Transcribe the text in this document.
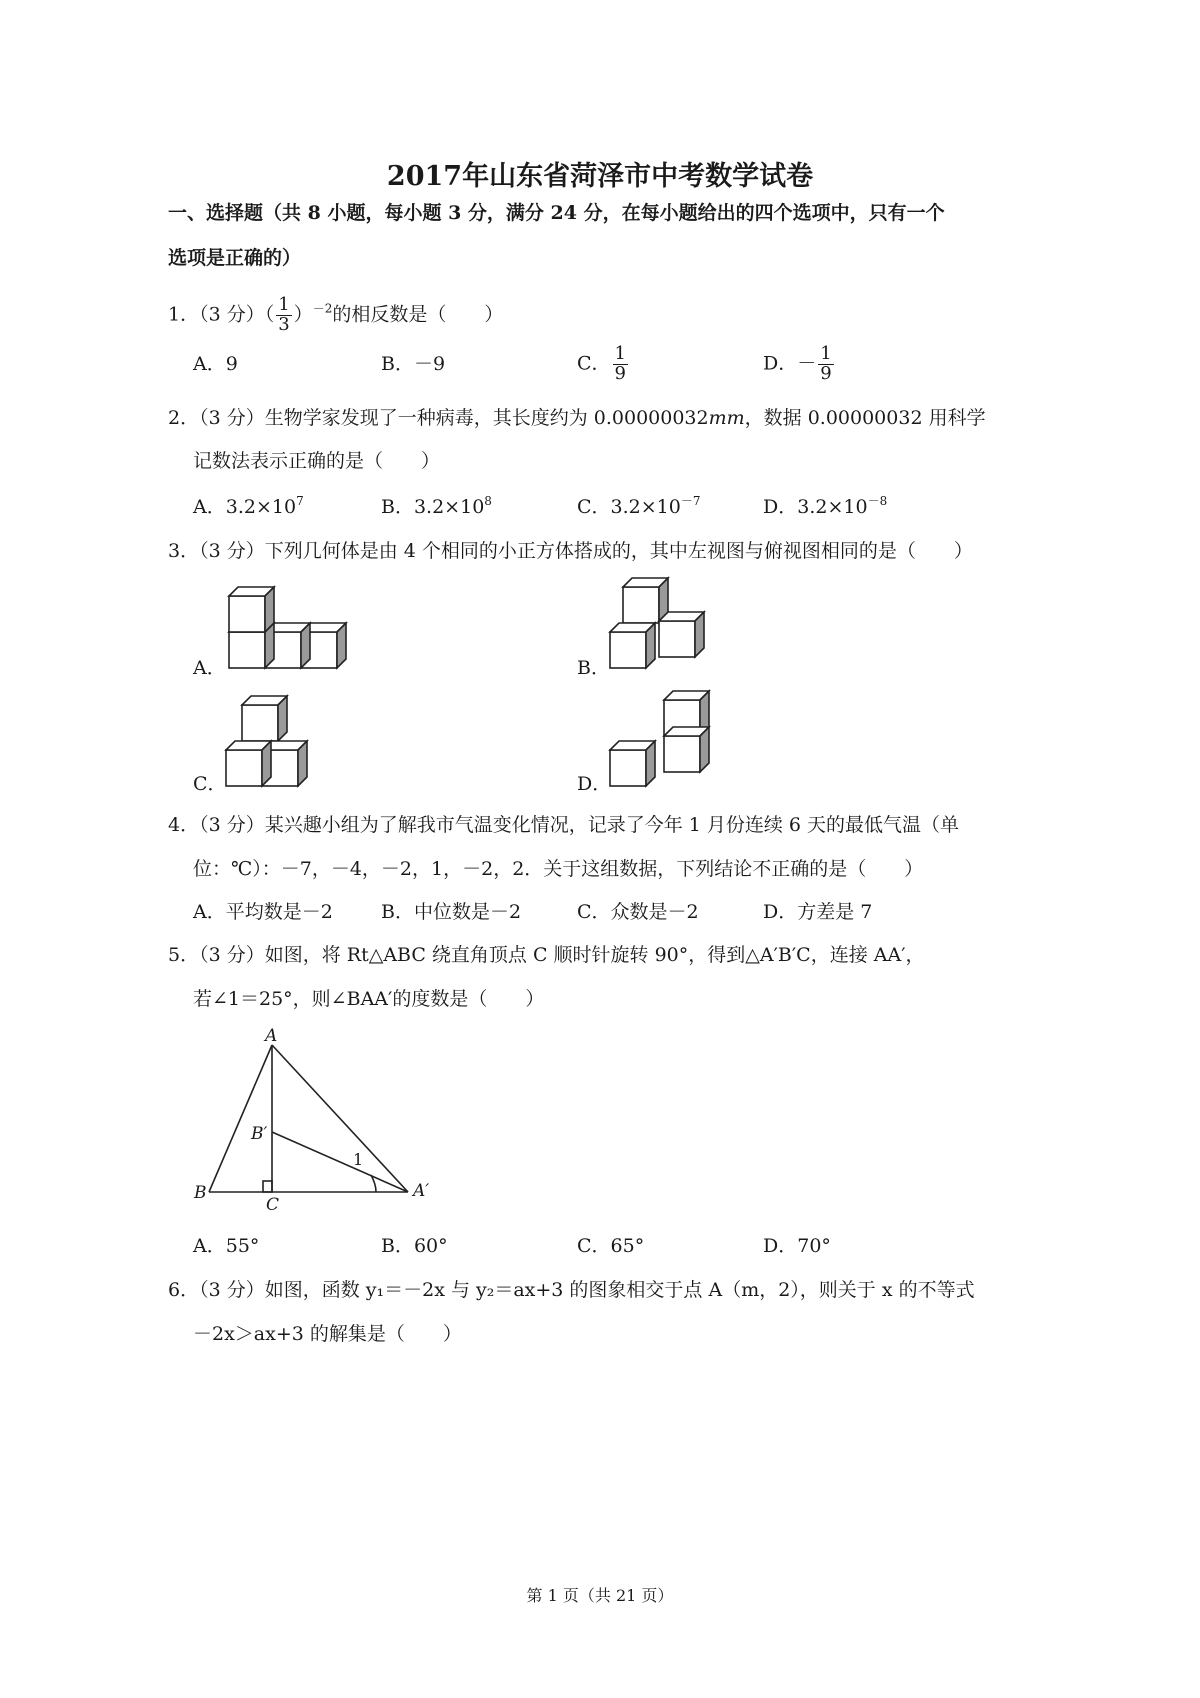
2017年山东省菏泽市中考数学试卷
一、选择题（共 8 小题，每小题 3 分，满分 24 分，在每小题给出的四个选项中，只有一个
选项是正确的）
1．（3 分）（ $\frac{1}{3} )^{-2}$的相反数是（　　）
A．9	B．－9	C． $\frac{1}{9}$	D．－ $\frac{1}{9}$
2．（3 分）生物学家发现了一种病毒，其长度约为 0.00000032mm，数据 0.00000032 用科学
记数法表示正确的是（　　）
A．$3.2\times 10^7$	B．$3.2\times 10^8$	C．$3.2\times 10^{-7}$	D．$3.2\times 10^{-8}$
3．（3 分）下列几何体是由 4 个相同的小正方体搭成的，其中左视图与俯视图相同的是（　　）
A．	B．
C．	D．
4．（3 分）某兴趣小组为了解我市气温变化情况，记录了今年 1 月份连续 6 天的最低气温（单
位：℃）：－7，－4，－2，1，－2，2．关于这组数据，下列结论不正确的是（　　）
A．平均数是－2	B．中位数是－2	C．众数是－2	D．方差是 7
5．（3 分）如图，将 Rt△ABC 绕直角顶点 C 顺时针旋转 90°，得到△A′B′C，连接 AA′，
若∠1＝25°，则∠BAA′的度数是（　　）
A
B′
1
B
C
A′
A．55°	B．60°	C．65°	D．70°
6．（3 分）如图，函数 y₁＝－2x 与 y₂＝ax+3 的图象相交于点 A（m，2），则关于 x 的不等式
－2x＞ax+3 的解集是（　　）
第 1 页（共 21 页）
